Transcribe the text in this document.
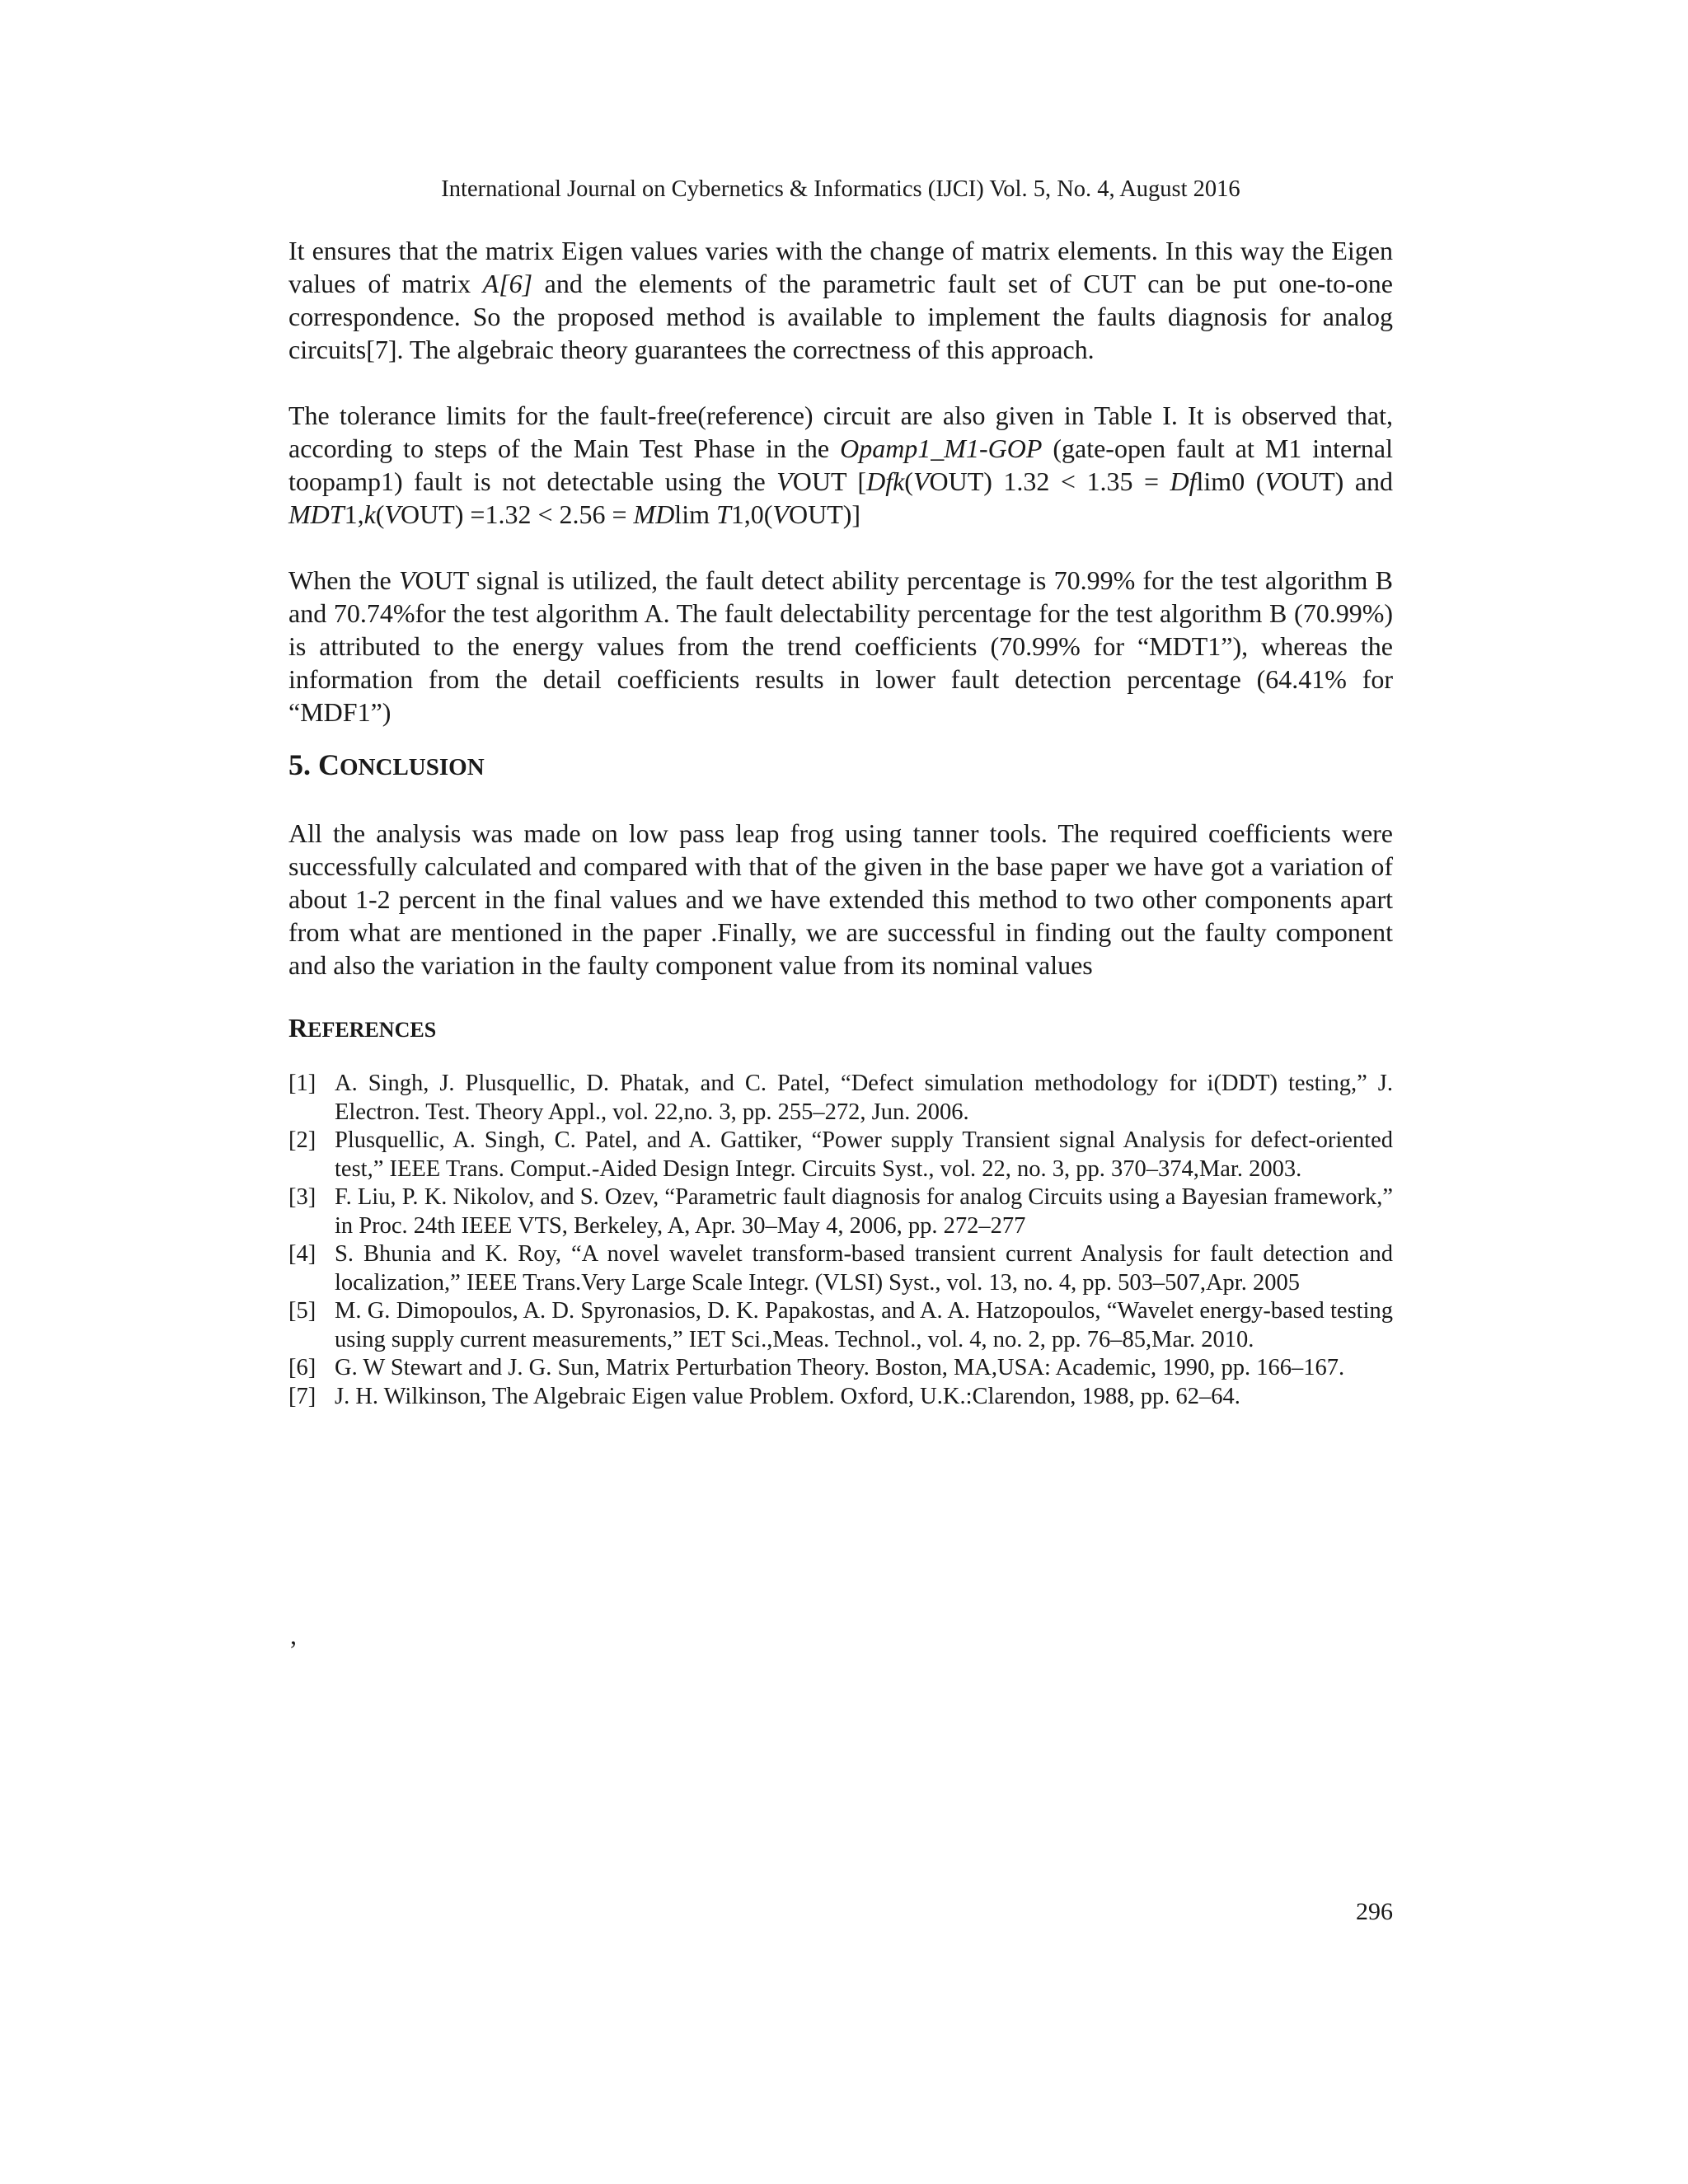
International Journal on Cybernetics & Informatics (IJCI) Vol. 5, No. 4, August 2016

It ensures that the matrix Eigen values varies with the change of matrix elements. In this way the Eigen values of matrix A[6] and the elements of the parametric fault set of CUT can be put one-to-one correspondence. So the proposed method is available to implement the faults diagnosis for analog circuits[7]. The algebraic theory guarantees the correctness of this approach.

The tolerance limits for the fault-free(reference) circuit are also given in Table I. It is observed that, according to steps of the Main Test Phase in the Opamp1_M1-GOP (gate-open fault at M1 internal toopamp1) fault is not detectable using the VOUT [Dfk(VOUT) 1.32 < 1.35 = Dflim0 (VOUT) and MDT1,k(VOUT) =1.32 < 2.56 = MDlim T1,0(VOUT)]

When the VOUT signal is utilized, the fault detect ability percentage is 70.99% for the test algorithm B and 70.74%for the test algorithm A. The fault delectability percentage for the test algorithm B (70.99%) is attributed to the energy values from the trend coefficients (70.99% for “MDT1”), whereas the information from the detail coefficients results in lower fault detection percentage (64.41% for “MDF1”)

5. CONCLUSION

All the analysis was made on low pass leap frog using tanner tools. The required coefficients were successfully calculated and compared with that of the given in the base paper we have got a variation of about 1-2 percent in the final values and we have extended this method to two other components apart from what are mentioned in the paper .Finally, we are successful in finding out the faulty component and also the variation in the faulty component value from its nominal values

REFERENCES
[1] A. Singh, J. Plusquellic, D. Phatak, and C. Patel, “Defect simulation methodology for i(DDT) testing,” J. Electron. Test. Theory Appl., vol. 22,no. 3, pp. 255–272, Jun. 2006.
[2] Plusquellic, A. Singh, C. Patel, and A. Gattiker, “Power supply Transient signal Analysis for defect-oriented test,” IEEE Trans. Comput.-Aided Design Integr. Circuits Syst., vol. 22, no. 3, pp. 370–374,Mar. 2003.
[3] F. Liu, P. K. Nikolov, and S. Ozev, “Parametric fault diagnosis for analog Circuits using a Bayesian framework,” in Proc. 24th IEEE VTS, Berkeley, A, Apr. 30–May 4, 2006, pp. 272–277
[4] S. Bhunia and K. Roy, “A novel wavelet transform-based transient current Analysis for fault detection and localization,” IEEE Trans.Very Large Scale Integr. (VLSI) Syst., vol. 13, no. 4, pp. 503–507,Apr. 2005
[5] M. G. Dimopoulos, A. D. Spyronasios, D. K. Papakostas, and A. A. Hatzopoulos, “Wavelet energy-based testing using supply current measurements,” IET Sci.,Meas. Technol., vol. 4, no. 2, pp. 76–85,Mar. 2010.
[6] G. W Stewart and J. G. Sun, Matrix Perturbation Theory. Boston, MA,USA: Academic, 1990, pp. 166–167.
[7] J. H. Wilkinson, The Algebraic Eigen value Problem. Oxford, U.K.:Clarendon, 1988, pp. 62–64.
,
296
